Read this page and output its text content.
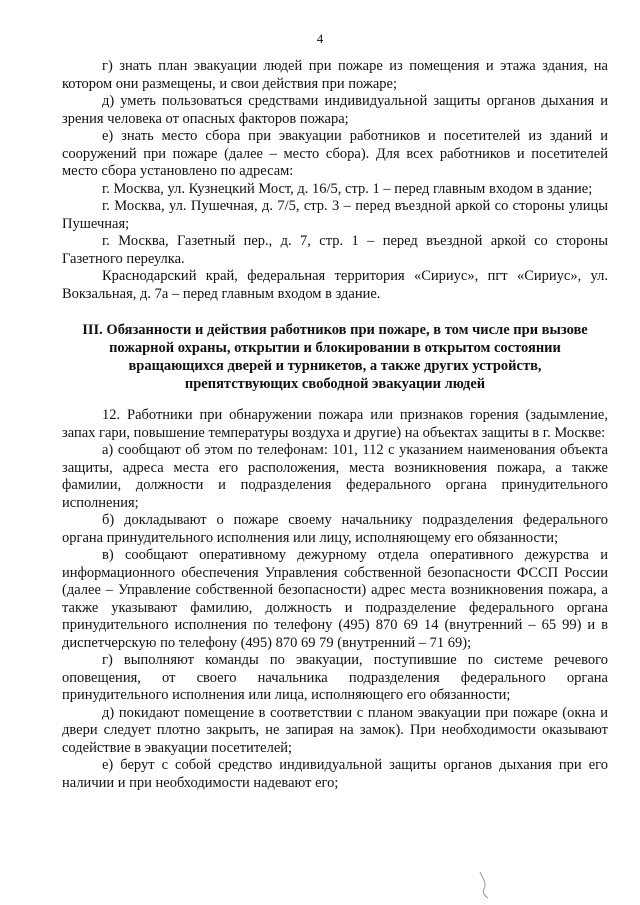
4

г) знать план эвакуации людей при пожаре из помещения и этажа здания, на котором они размещены, и свои действия при пожаре;

д) уметь пользоваться средствами индивидуальной защиты органов дыхания и зрения человека от опасных факторов пожара;

е) знать место сбора при эвакуации работников и посетителей из зданий и сооружений при пожаре (далее – место сбора). Для всех работников и посетителей место сбора установлено по адресам:

г. Москва, ул. Кузнецкий Мост, д. 16/5, стр. 1 – перед главным входом в здание;

г. Москва, ул. Пушечная, д. 7/5, стр. 3 – перед въездной аркой со стороны улицы Пушечная;

г. Москва, Газетный пер., д. 7, стр. 1 – перед въездной аркой со стороны Газетного переулка.

Краснодарский край, федеральная территория «Сириус», пгт «Сириус», ул. Вокзальная, д. 7а – перед главным входом в здание.

III. Обязанности и действия работников при пожаре, в том числе при вызове пожарной охраны, открытии и блокировании в открытом состоянии вращающихся дверей и турникетов, а также других устройств, препятствующих свободной эвакуации людей

12. Работники при обнаружении пожара или признаков горения (задымление, запах гари, повышение температуры воздуха и другие) на объектах защиты в г. Москве:

а) сообщают об этом по телефонам: 101, 112 с указанием наименования объекта защиты, адреса места его расположения, места возникновения пожара, а также фамилии, должности и подразделения федерального органа принудительного исполнения;

б) докладывают о пожаре своему начальнику подразделения федерального органа принудительного исполнения или лицу, исполняющему его обязанности;

в) сообщают оперативному дежурному отдела оперативного дежурства и информационного обеспечения Управления собственной безопасности ФССП России (далее – Управление собственной безопасности) адрес места возникновения пожара, а также указывают фамилию, должность и подразделение федерального органа принудительного исполнения по телефону (495) 870 69 14 (внутренний – 65 99) и в диспетчерскую по телефону (495) 870 69 79 (внутренний – 71 69);

г) выполняют команды по эвакуации, поступившие по системе речевого оповещения, от своего начальника подразделения федерального органа принудительного исполнения или лица, исполняющего его обязанности;

д) покидают помещение в соответствии с планом эвакуации при пожаре (окна и двери следует плотно закрыть, не запирая на замок). При необходимости оказывают содействие в эвакуации посетителей;

е) берут с собой средство индивидуальной защиты органов дыхания при его наличии и при необходимости надевают его;
